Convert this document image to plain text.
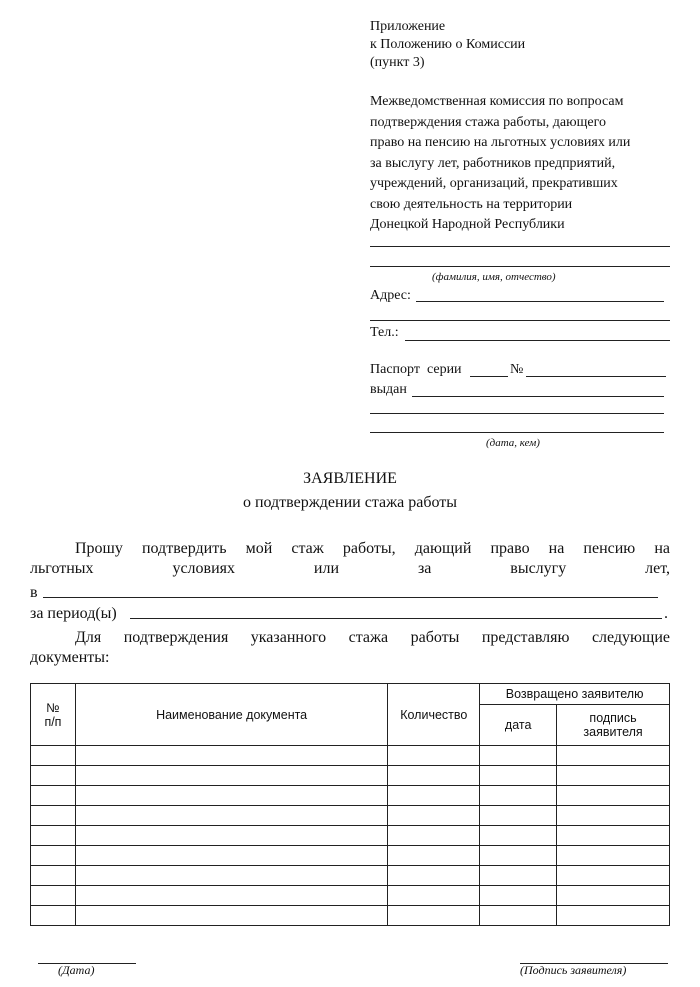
Приложение
к Положению о Комиссии
(пункт 3)
Межведомственная комиссия по вопросам
подтверждения стажа работы, дающего
право на пенсию на льготных условиях или
за выслугу лет, работников предприятий,
учреждений, организаций, прекративших
свою деятельность на территории
Донецкой Народной Республики
(фамилия, имя, отчество)
Адрес:
Тел.:
Паспорт  серии	№
выдан
(дата, кем)
ЗАЯВЛЕНИЕ
о подтверждении стажа работы
Прошу подтвердить мой стаж работы, дающий право на пенсию на
льготных	условиях	или	за	выслугу	лет,
в
за период(ы)	.
Для подтверждения указанного стажа работы представляю следующие
документы:
№
п/п	Наименование документа	Количество	Возвращено заявителю	
			дата	подпись
заявителя

(Дата)	(Подпись заявителя)
